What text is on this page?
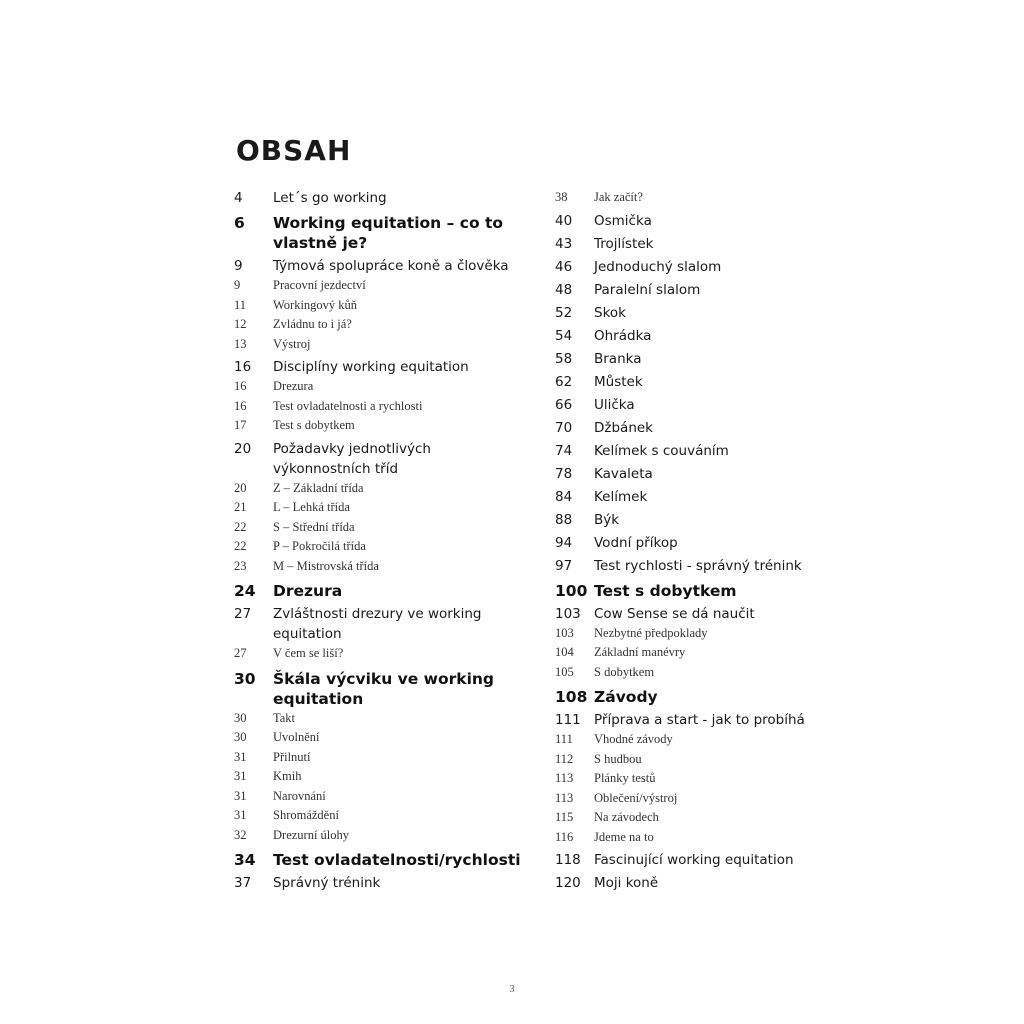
OBSAH
4	Let´s go working
6	Working equitation – co to vlastně je?
9	Týmová spolupráce koně a člověka
9	Pracovní jezdectví
11	Workingový kůň
12	Zvládnu to i já?
13	Výstroj
16	Disciplíny working equitation
16	Drezura
16	Test ovladatelnosti a rychlosti
17	Test s dobytkem
20	Požadavky jednotlivých výkonnostních tříd
20	Z – Základní třída
21	L – Lehká třída
22	S – Střední třída
22	P – Pokročilá třída
23	M – Mistrovská třída
24	Drezura
27	Zvláštnosti drezury ve working equitation
27	V čem se liší?
30	Škála výcviku ve working equitation
30	Takt
30	Uvolnění
31	Přilnutí
31	Kmih
31	Narovnání
31	Shromáždění
32	Drezurní úlohy
34	Test ovladatelnosti/rychlosti
37	Správný trénink
38	Jak začít?
40	Osmička
43	Trojlístek
46	Jednoduchý slalom
48	Paralelní slalom
52	Skok
54	Ohrádka
58	Branka
62	Můstek
66	Ulička
70	Džbánek
74	Kelímek s couváním
78	Kavaleta
84	Kelímek
88	Býk
94	Vodní příkop
97	Test rychlosti - správný trénink
100 Test s dobytkem
103 Cow Sense se dá naučit
103	Nezbytné předpoklady
104	Základní manévry
105	S dobytkem
108 Závody
111 Příprava a start - jak to probíhá
111	Vhodné závody
112	S hudbou
113	Plánky testů
113	Oblečení/výstroj
115	Na závodech
116	Jdeme na to
118 Fascinující working equitation
120 Moji koně
3
